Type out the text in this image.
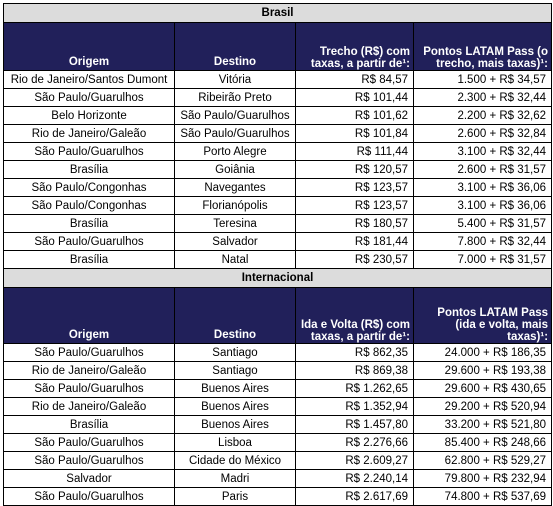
Brasil			
Origem	Destino	Trecho (R$) com taxas, a partir de¹:	Pontos LATAM Pass (o trecho, mais taxas)¹:
Rio de Janeiro/Santos Dumont	Vitória	R$ 84,57	1.500 + R$ 34,57
São Paulo/Guarulhos	Ribeirão Preto	R$ 101,44	2.300 + R$ 32,44
Belo Horizonte	São Paulo/Guarulhos	R$ 101,62	2.200 + R$ 32,62
Rio de Janeiro/Galeão	São Paulo/Guarulhos	R$ 101,84	2.600 + R$ 32,84
São Paulo/Guarulhos	Porto Alegre	R$ 111,44	3.100 + R$ 32,44
Brasília	Goiânia	R$ 120,57	2.600 + R$ 31,57
São Paulo/Congonhas	Navegantes	R$ 123,57	3.100 + R$ 36,06
São Paulo/Congonhas	Florianópolis	R$ 123,57	3.100 + R$ 36,06
Brasília	Teresina	R$ 180,57	5.400 + R$ 31,57
São Paulo/Guarulhos	Salvador	R$ 181,44	7.800 + R$ 32,44
Brasília	Natal	R$ 230,57	7.000 + R$ 31,57
Internacional			
Origem	Destino	Ida e Volta (R$) com taxas, a partir de¹:	Pontos LATAM Pass (ida e volta, mais taxas)¹:
São Paulo/Guarulhos	Santiago	R$ 862,35	24.000 + R$ 186,35
Rio de Janeiro/Galeão	Santiago	R$ 869,38	29.600 + R$ 193,38
São Paulo/Guarulhos	Buenos Aires	R$ 1.262,65	29.600 + R$ 430,65
Rio de Janeiro/Galeão	Buenos Aires	R$ 1.352,94	29.200 + R$ 520,94
Brasília	Buenos Aires	R$ 1.457,80	33.200 + R$ 521,80
São Paulo/Guarulhos	Lisboa	R$ 2.276,66	85.400 + R$ 248,66
São Paulo/Guarulhos	Cidade do México	R$ 2.609,27	62.800 + R$ 529,27
Salvador	Madri	R$ 2.240,14	79.800 + R$ 232,94
São Paulo/Guarulhos	Paris	R$ 2.617,69	74.800 + R$ 537,69
